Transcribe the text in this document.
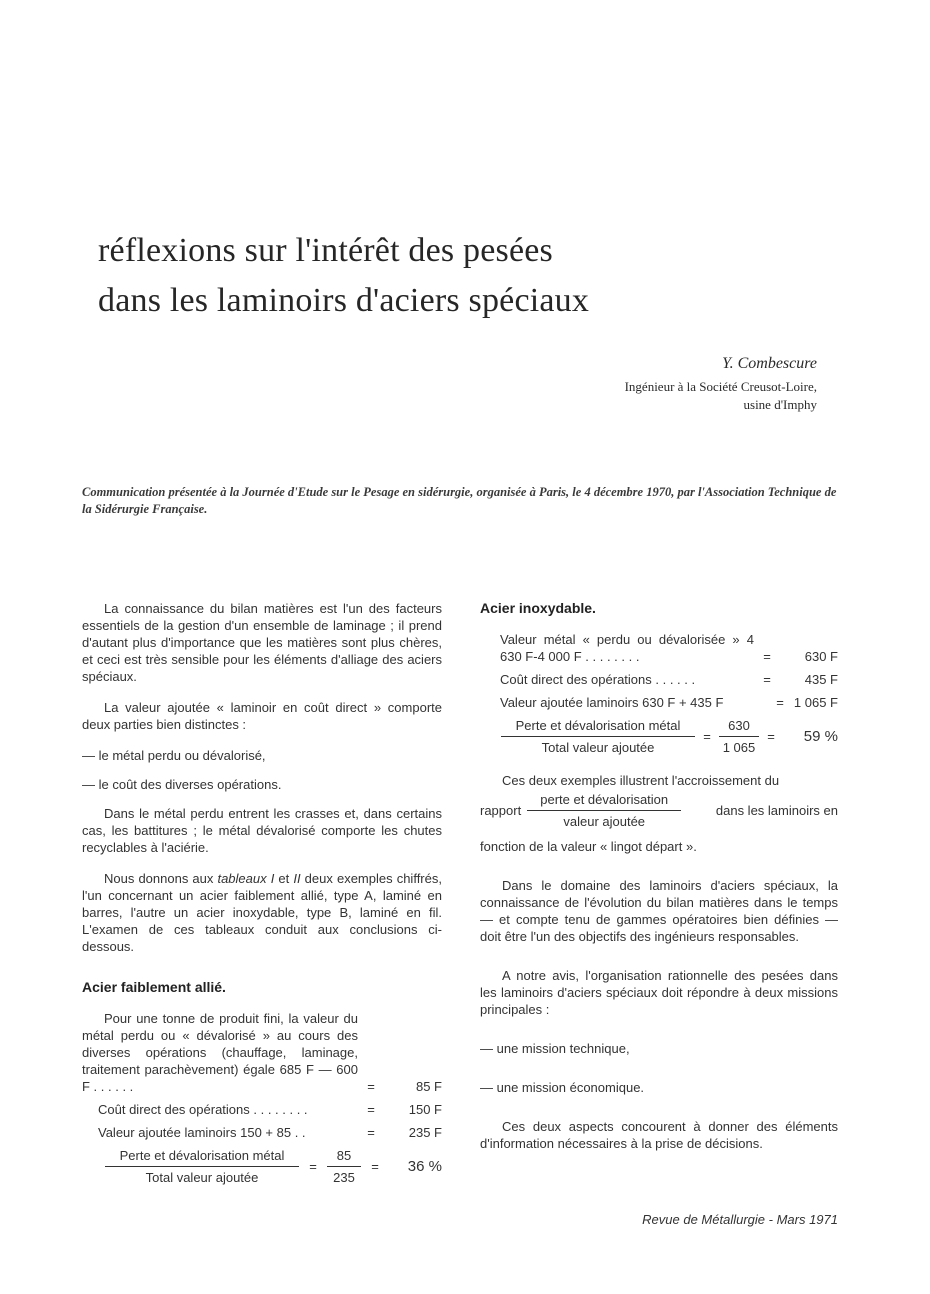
réflexions sur l'intérêt des pesées
dans les laminoirs d'aciers spéciaux
Y. Combescure
Ingénieur à la Société Creusot-Loire,
usine d'Imphy
Communication présentée à la Journée d'Etude sur le Pesage en sidérurgie, organisée à Paris, le 4 décembre 1970, par l'Association Technique de la Sidérurgie Française.

La connaissance du bilan matières est l'un des facteurs essentiels de la gestion d'un ensemble de laminage ; il prend d'autant plus d'importance que les matières sont plus chères, et ceci est très sensible pour les éléments d'alliage des aciers spéciaux.

La valeur ajoutée « laminoir en coût direct » comporte deux parties bien distinctes :

— le métal perdu ou dévalorisé,
— le coût des diverses opérations.

Dans le métal perdu entrent les crasses et, dans certains cas, les battitures ; le métal dévalorisé comporte les chutes recyclables à l'aciérie.

Nous donnons aux tableaux I et II deux exemples chiffrés, l'un concernant un acier faiblement allié, type A, laminé en barres, l'autre un acier inoxydable, type B, laminé en fil. L'examen de ces tableaux conduit aux conclusions ci-dessous.

Acier faiblement allié.
Pour une tonne de produit fini, la valeur du métal perdu ou « dévalorisé » au cours des diverses opérations (chauffage, laminage, traitement parachèvement) égale 685 F — 600 F . . . . . .	=	85 F
Coût direct des opérations . . . . . . . .	=	150 F
Valeur ajoutée laminoirs 150 + 85 . .	=	235 F
$\frac{\text{Perte et dévalorisation métal}}{\text{Total valeur ajoutée}} = \frac{85}{235}$ =	36 %
Acier inoxydable.
Valeur métal « perdu ou dévalorisée » 4 630 F-4 000 F . . . . . . . .	=	630 F
Coût direct des opérations . . . . . .	=	435 F
Valeur ajoutée laminoirs 630 F + 435 F	= 1 065 F
$\frac{\text{Perte et dévalorisation métal}}{\text{Total valeur ajoutée}} = \frac{630}{1 065}$ =	59 %

Ces deux exemples illustrent l'accroissement du

rapport $\frac{\text{perte et dévalorisation}}{\text{valeur ajoutée}}$	dans les laminoirs en

fonction de la valeur « lingot départ ».

Dans le domaine des laminoirs d'aciers spéciaux, la connaissance de l'évolution du bilan matières dans le temps — et compte tenu de gammes opératoires bien définies — doit être l'un des objectifs des ingénieurs responsables.

A notre avis, l'organisation rationnelle des pesées dans les laminoirs d'aciers spéciaux doit répondre à deux missions principales :

— une mission technique,
— une mission économique.

Ces deux aspects concourent à donner des éléments d'information nécessaires à la prise de décisions.

Revue de Métallurgie - Mars 1971
